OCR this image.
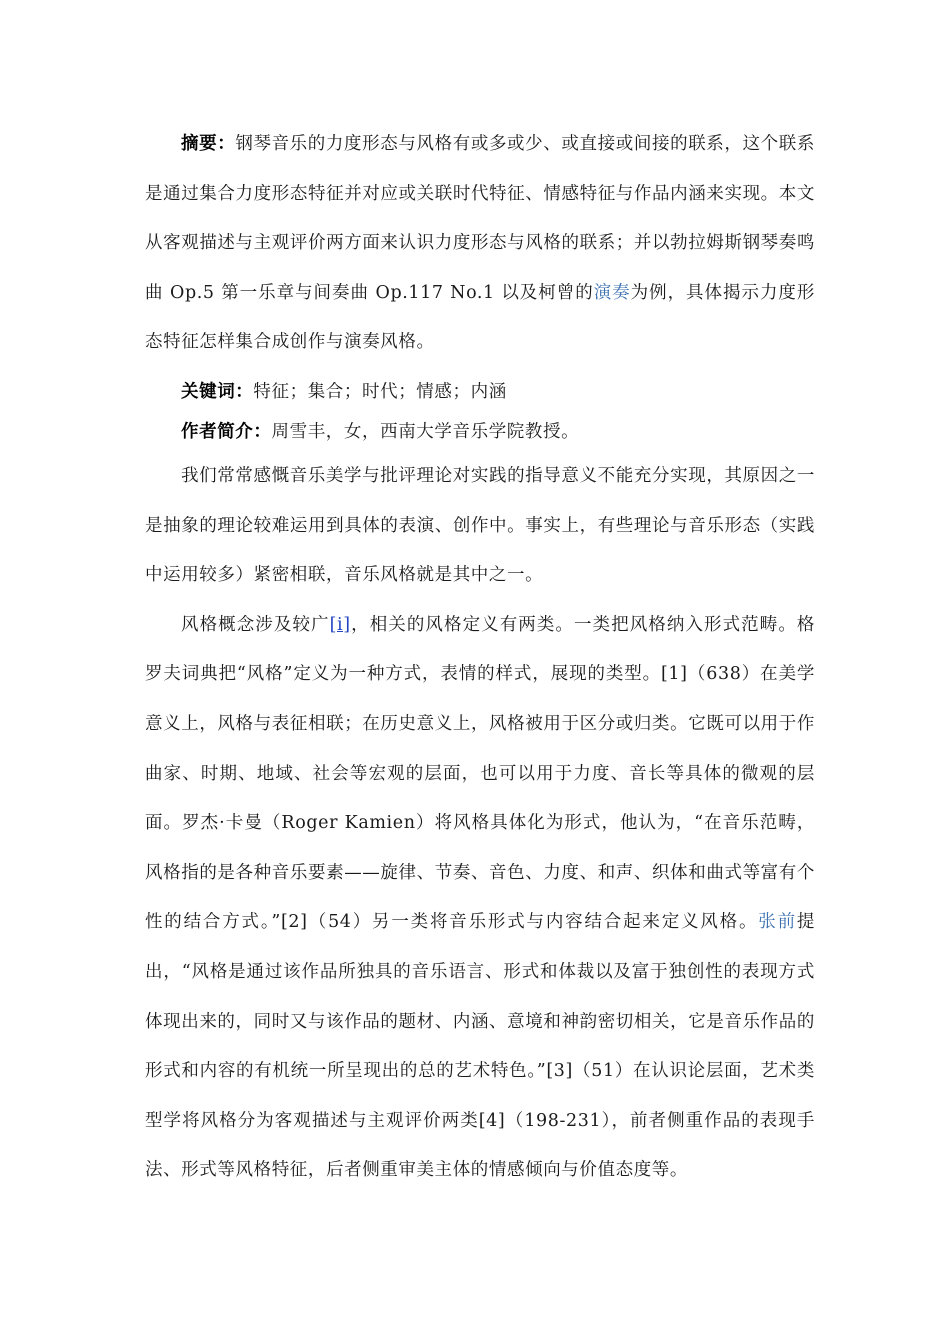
摘要：钢琴音乐的力度形态与风格有或多或少、或直接或间接的联系，这个联系是通过集合力度形态特征并对应或关联时代特征、情感特征与作品内涵来实现。本文从客观描述与主观评价两方面来认识力度形态与风格的联系；并以勃拉姆斯钢琴奏鸣曲 Op.5 第一乐章与间奏曲 Op.117 No.1 以及柯曾的演奏为例，具体揭示力度形态特征怎样集合成创作与演奏风格。

关键词：特征；集合；时代；情感；内涵

作者简介：周雪丰，女，西南大学音乐学院教授。

我们常常感慨音乐美学与批评理论对实践的指导意义不能充分实现，其原因之一是抽象的理论较难运用到具体的表演、创作中。事实上，有些理论与音乐形态（实践中运用较多）紧密相联，音乐风格就是其中之一。

风格概念涉及较广[i]，相关的风格定义有两类。一类把风格纳入形式范畴。格罗夫词典把“风格”定义为一种方式，表情的样式，展现的类型。[1]（638）在美学意义上，风格与表征相联；在历史意义上，风格被用于区分或归类。它既可以用于作曲家、时期、地域、社会等宏观的层面，也可以用于力度、音长等具体的微观的层面。罗杰·卡曼（Roger Kamien）将风格具体化为形式，他认为，“在音乐范畴，风格指的是各种音乐要素——旋律、节奏、音色、力度、和声、织体和曲式等富有个性的结合方式。”[2]（54）另一类将音乐形式与内容结合起来定义风格。张前提出，“风格是通过该作品所独具的音乐语言、形式和体裁以及富于独创性的表现方式体现出来的，同时又与该作品的题材、内涵、意境和神韵密切相关，它是音乐作品的形式和内容的有机统一所呈现出的总的艺术特色。”[3]（51）在认识论层面，艺术类型学将风格分为客观描述与主观评价两类[4]（198-231），前者侧重作品的表现手法、形式等风格特征，后者侧重审美主体的情感倾向与价值态度等。
